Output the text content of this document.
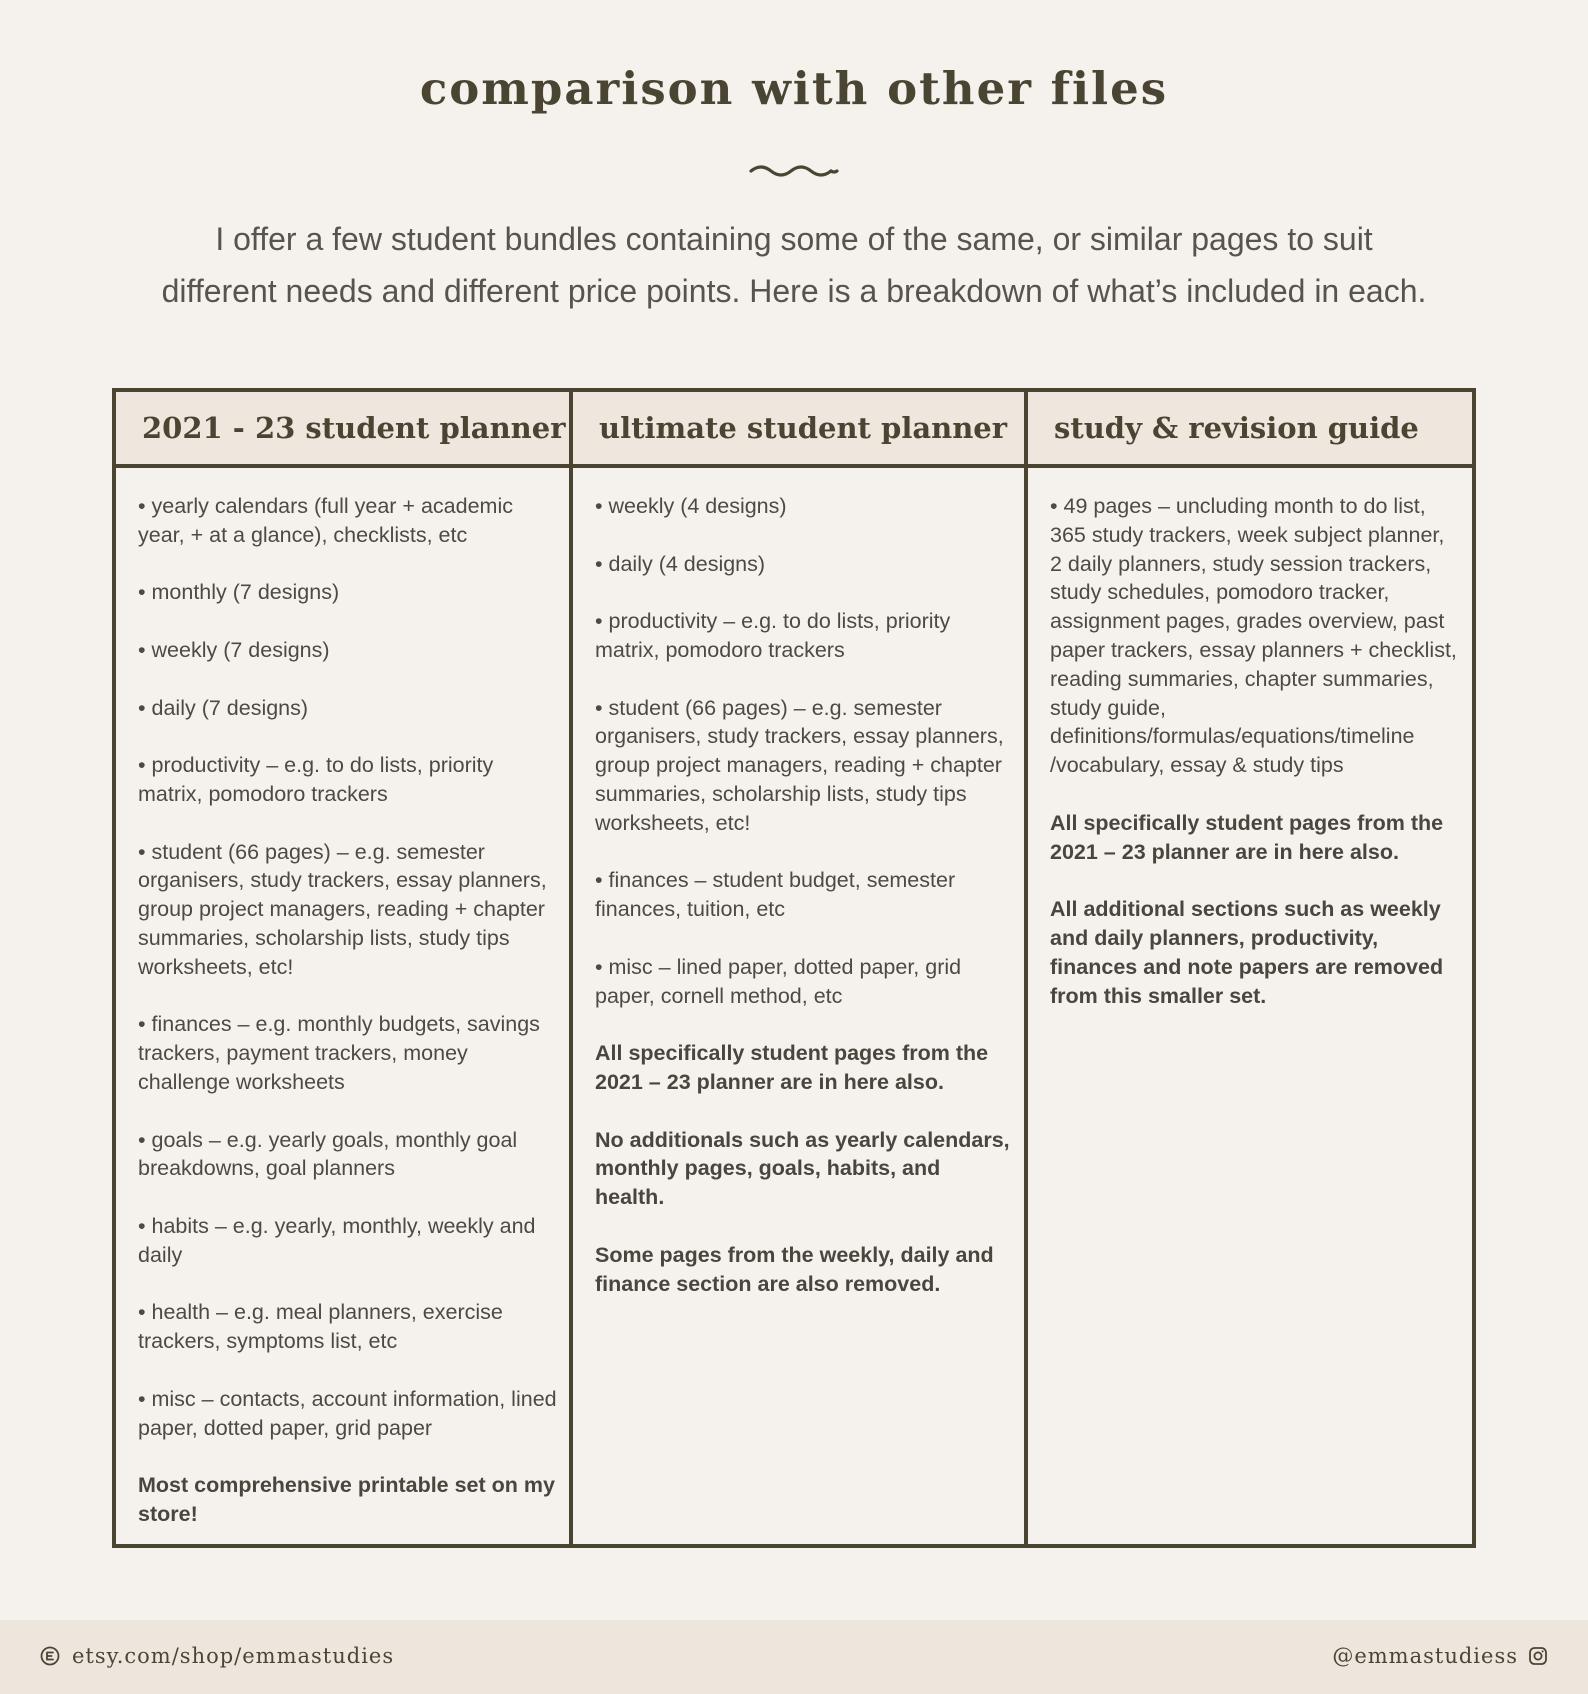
comparison with other files

I offer a few student bundles containing some of the same, or similar pages to suit
different needs and different price points. Here is a breakdown of what’s included in each.

2021 - 23 student planner

• yearly calendars (full year + academic year, + at a glance), checklists, etc

• monthly (7 designs)

• weekly (7 designs)

• daily (7 designs)

• productivity – e.g. to do lists, priority matrix, pomodoro trackers

• student (66 pages) – e.g. semester organisers, study trackers, essay planners, group project managers, reading + chapter summaries, scholarship lists, study tips worksheets, etc!

• finances – e.g. monthly budgets, savings trackers, payment trackers, money challenge worksheets

• goals – e.g. yearly goals, monthly goal breakdowns, goal planners

• habits – e.g. yearly, monthly, weekly and daily

• health – e.g. meal planners, exercise trackers, symptoms list, etc

• misc – contacts, account information, lined paper, dotted paper, grid paper

Most comprehensive printable set on my store!

ultimate student planner

• weekly (4 designs)

• daily (4 designs)

• productivity – e.g. to do lists, priority matrix, pomodoro trackers

• student (66 pages) – e.g. semester organisers, study trackers, essay planners, group project managers, reading + chapter summaries, scholarship lists, study tips worksheets, etc!

• finances – student budget, semester finances, tuition, etc

• misc – lined paper, dotted paper, grid paper, cornell method, etc

All specifically student pages from the 2021 – 23 planner are in here also.

No additionals such as yearly calendars, monthly pages, goals, habits, and health.

Some pages from the weekly, daily and finance section are also removed.

study & revision guide

• 49 pages – uncluding month to do list, 365 study trackers, week subject planner, 2 daily planners, study session trackers, study schedules, pomodoro tracker, assignment pages, grades overview, past paper trackers, essay planners + checklist, reading summaries, chapter summaries, study guide, definitions/formulas/equations/timeline /vocabulary, essay & study tips

All specifically student pages from the 2021 – 23 planner are in here also.

All additional sections such as weekly and daily planners, productivity, finances and note papers are removed from this smaller set.

etsy.com/shop/emmastudies	@emmastudiess
